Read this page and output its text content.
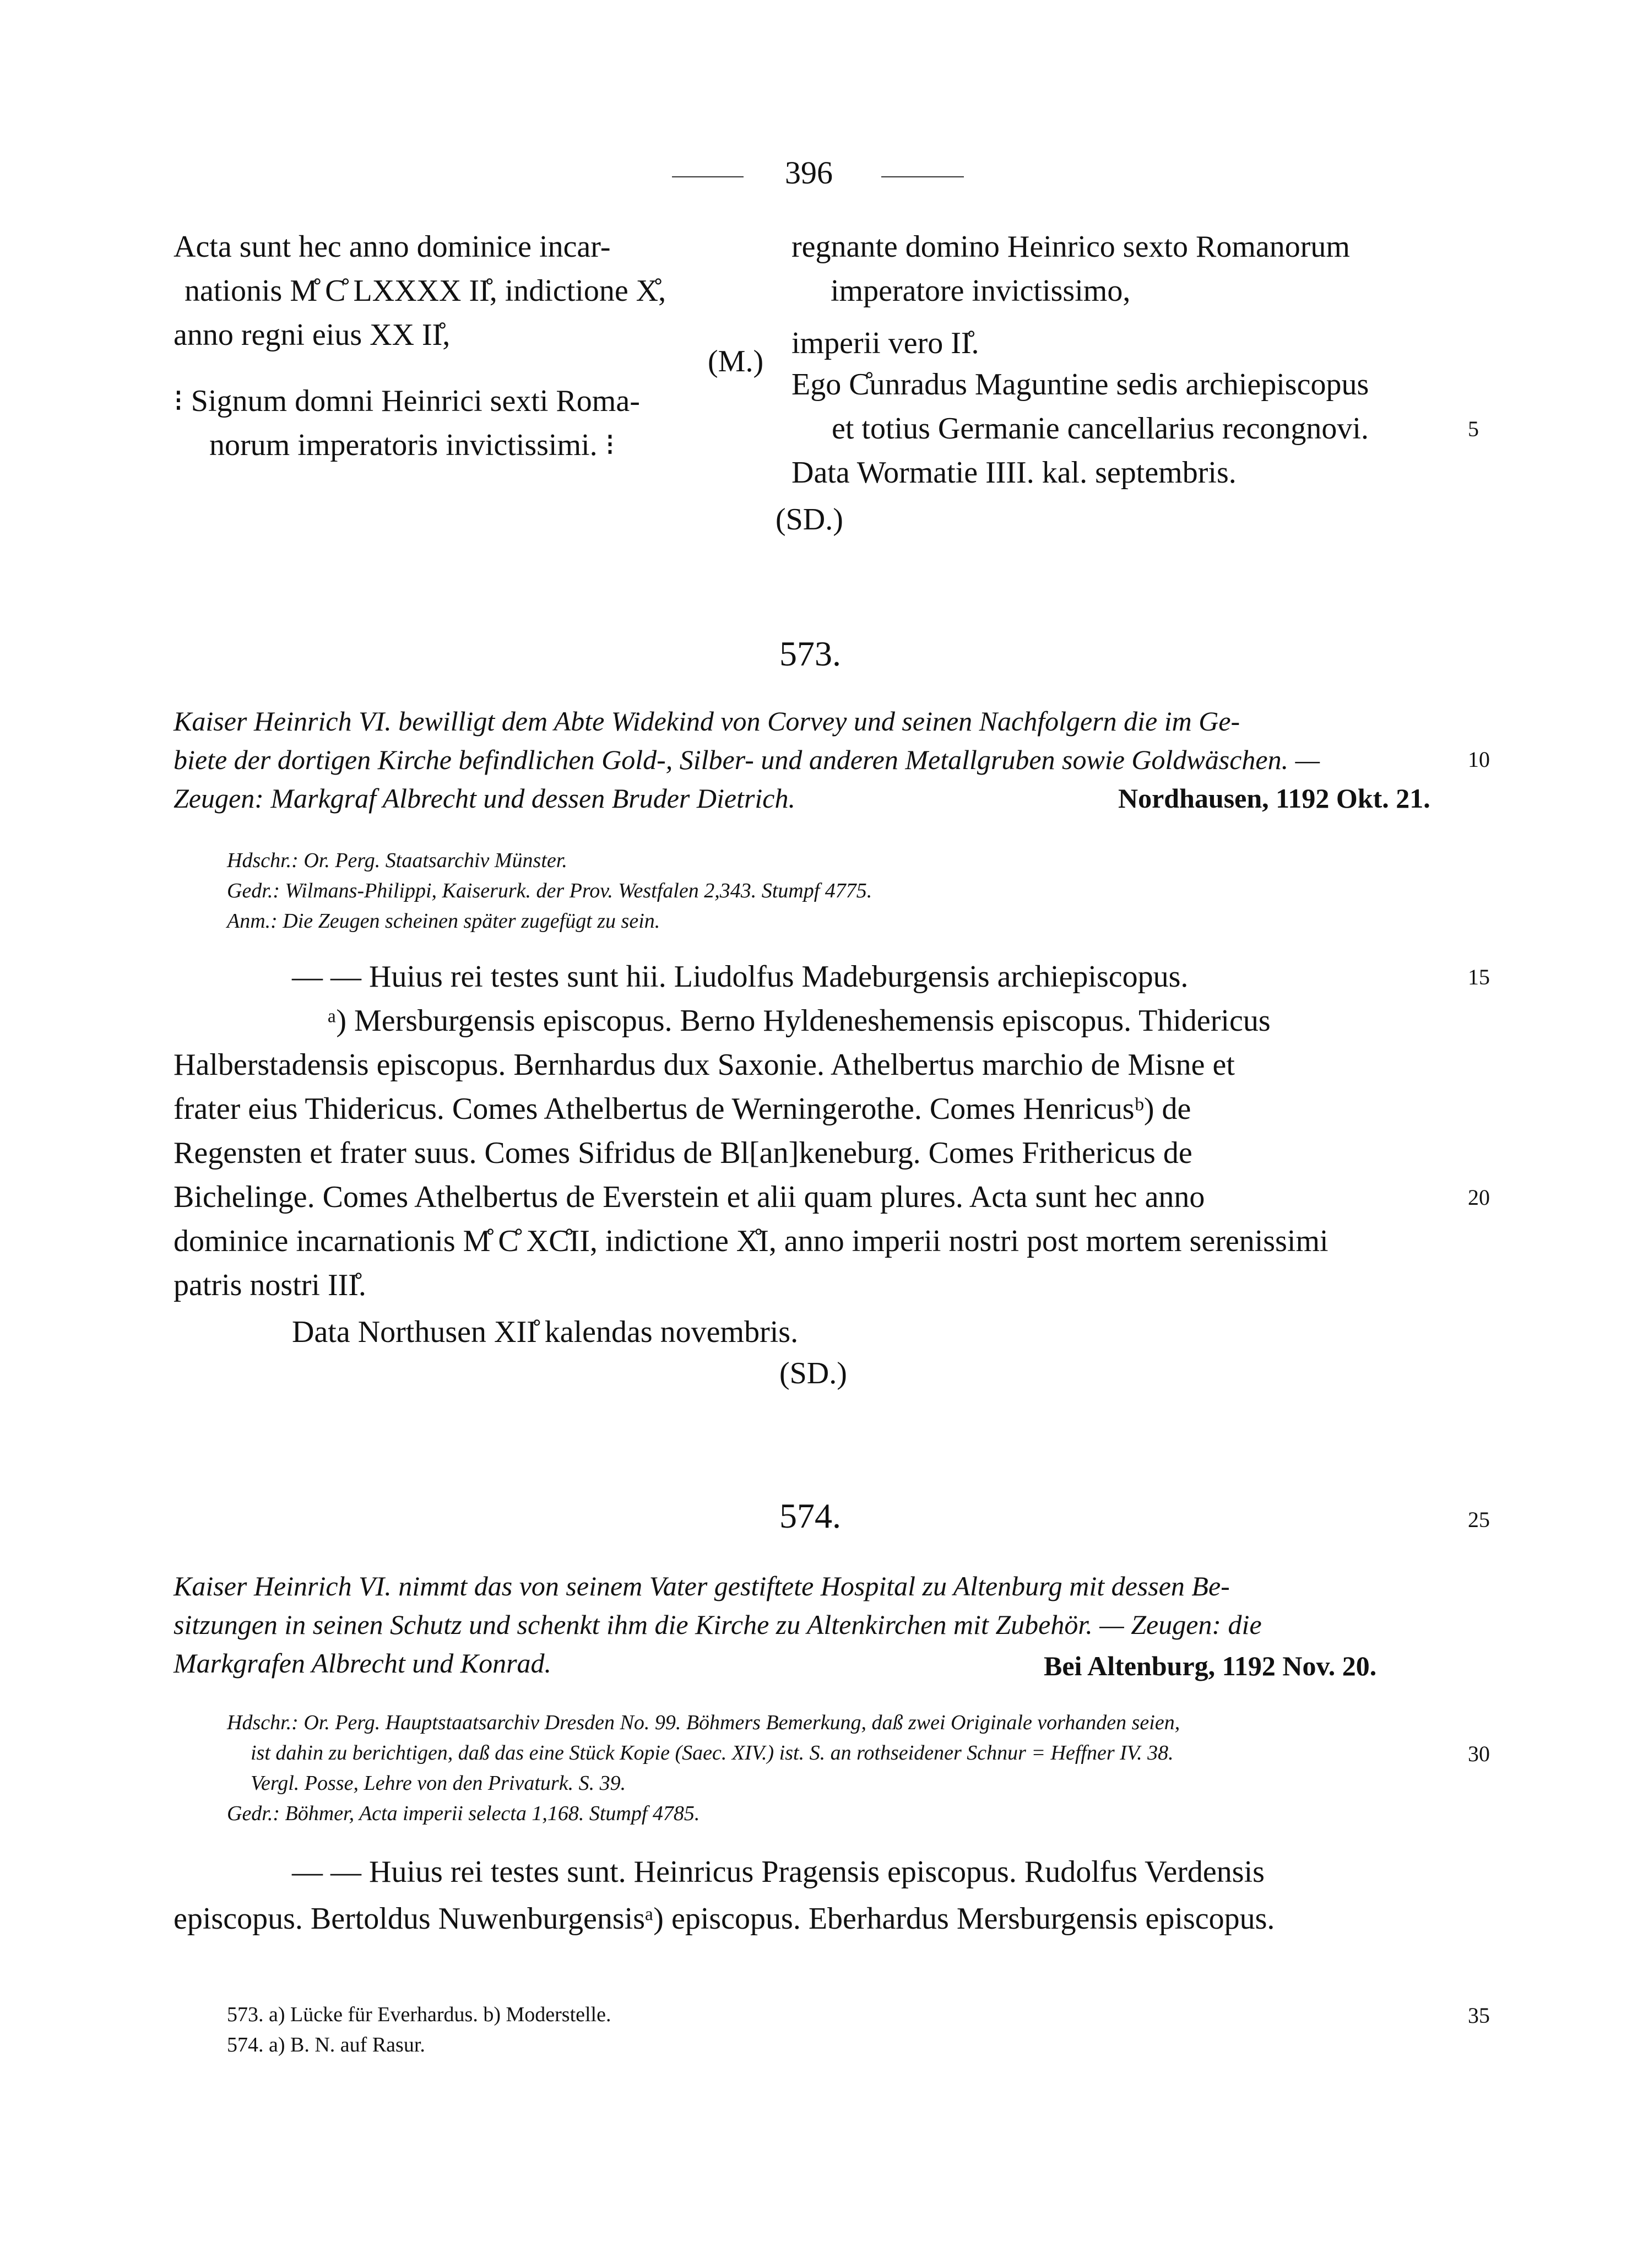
396
Acta sunt hec anno dominice incar-
nationis M̊ C̊ LXXXX II̊, indictione X̊,
anno regni eius XX II̊,
⁝ Signum domni Heinrici sexti Roma-
norum imperatoris invictissimi. ⁝
(M.)
regnante domino Heinrico sexto Romanorum
imperatore invictissimo,
imperii vero II̊.
Ego C̊unradus Maguntine sedis archiepiscopus
et totius Germanie cancellarius recongnovi.
Data Wormatie IIII. kal. septembris.
(SD.)
573.
Kaiser Heinrich VI. bewilligt dem Abte Widekind von Corvey und seinen Nachfolgern die im Ge-
biete der dortigen Kirche befindlichen Gold-, Silber- und anderen Metallgruben sowie Goldwäschen. —
Zeugen: Markgraf Albrecht und dessen Bruder Dietrich.	Nordhausen, 1192 Okt. 21.
Hdschr.: Or. Perg. Staatsarchiv Münster.
Gedr.: Wilmans-Philippi, Kaiserurk. der Prov. Westfalen 2,343. Stumpf 4775.
Anm.: Die Zeugen scheinen später zugefügt zu sein.
— — Huius rei testes sunt hii. Liudolfus Madeburgensis archiepiscopus.
ᵃ) Mersburgensis episcopus. Berno Hyldeneshemensis episcopus. Thidericus
Halberstadensis episcopus. Bernhardus dux Saxonie. Athelbertus marchio de Misne et
frater eius Thidericus. Comes Athelbertus de Werningerothe. Comes Henricusᵇ) de
Regensten et frater suus. Comes Sifridus de Bl[an]keneburg. Comes Frithericus de
Bichelinge. Comes Athelbertus de Everstein et alii quam plures. Acta sunt hec anno
dominice incarnationis M̊ C̊ XC̊II, indictione X̊I, anno imperii nostri post mortem serenissimi
patris nostri III̊.
Data Northusen XII̊ kalendas novembris.
(SD.)
574.
Kaiser Heinrich VI. nimmt das von seinem Vater gestiftete Hospital zu Altenburg mit dessen Be-
sitzungen in seinen Schutz und schenkt ihm die Kirche zu Altenkirchen mit Zubehör. — Zeugen: die
Markgrafen Albrecht und Konrad.	Bei Altenburg, 1192 Nov. 20.
Hdschr.: Or. Perg. Hauptstaatsarchiv Dresden No. 99. Böhmers Bemerkung, daß zwei Originale vorhanden seien,
ist dahin zu berichtigen, daß das eine Stück Kopie (Saec. XIV.) ist. S. an rothseidener Schnur = Heffner IV. 38.
Vergl. Posse, Lehre von den Privaturk. S. 39.
Gedr.: Böhmer, Acta imperii selecta 1,168. Stumpf 4785.
— — Huius rei testes sunt. Heinricus Pragensis episcopus. Rudolfus Verdensis
episcopus. Bertoldus Nuwenburgensisᵃ) episcopus. Eberhardus Mersburgensis episcopus.
573. a) Lücke für Everhardus. b) Moderstelle.
574. a) B. N. auf Rasur.
5
10
15
20
25
30
35
